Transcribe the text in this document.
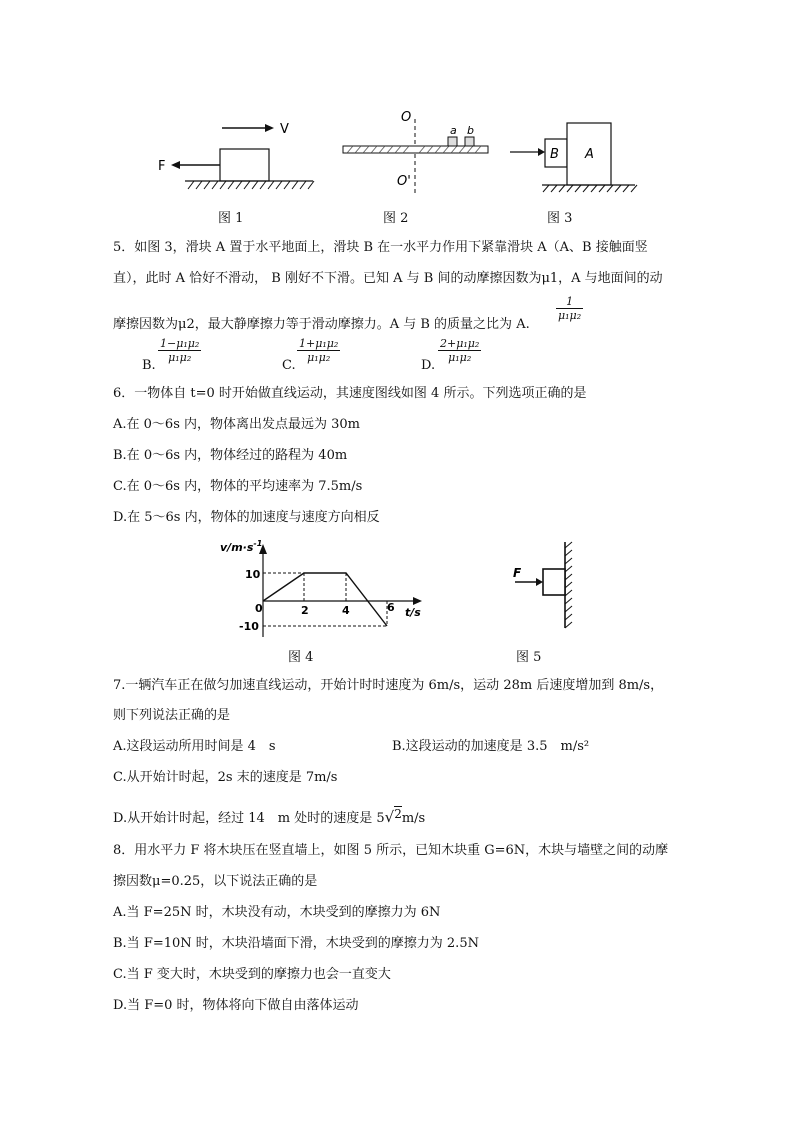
V
F
图 1
O
O'
a b
图 2
B A
图 3
5．如图 3，滑块 A 置于水平地面上，滑块 B 在一水平力作用下紧靠滑块 A（A、B 接触面竖
直），此时 A 恰好不滑动， B 刚好不下滑。已知 A 与 B 间的动摩擦因数为μ1，A 与地面间的动
摩擦因数为μ2，最大静摩擦力等于滑动摩擦力。A 与 B 的质量之比为 A.
$\frac{1}{\text{μ₁μ₂}}$
B.
$\frac{\text{1−μ₁μ₂}}{\text{μ₁μ₂}}$
C.
$\frac{\text{1+μ₁μ₂}}{\text{μ₁μ₂}}$
D.
$\frac{\text{2+μ₁μ₂}}{\text{μ₁μ₂}}$
6．一物体自 t=0 时开始做直线运动，其速度图线如图 4 所示。下列选项正确的是
A.在 0～6s 内，物体离出发点最远为 30m
B.在 0～6s 内，物体经过的路程为 40m
C.在 0～6s 内，物体的平均速率为 7.5m/s
D.在 5～6s 内，物体的加速度与速度方向相反
$v/m\cdot s^{-1}$
t/s
10
0
-10
2	4	6
图 4
F
图 5
7.一辆汽车正在做匀加速直线运动，开始计时时速度为 6m/s，运动 28m 后速度增加到 8m/s，
则下列说法正确的是
A.这段运动所用时间是 4　s	B.这段运动的加速度是 3.5　m/s²
C.从开始计时起，2s 末的速度是 7m/s
D.从开始计时起，经过 14　m 处时的速度是 5√2m/s
8．用水平力 F 将木块压在竖直墙上，如图 5 所示，已知木块重 G=6N，木块与墙壁之间的动摩
擦因数μ=0.25，以下说法正确的是
A.当 F=25N 时，木块没有动，木块受到的摩擦力为 6N
B.当 F=10N 时，木块沿墙面下滑，木块受到的摩擦力为 2.5N
C.当 F 变大时，木块受到的摩擦力也会一直变大
D.当 F=0 时，物体将向下做自由落体运动
